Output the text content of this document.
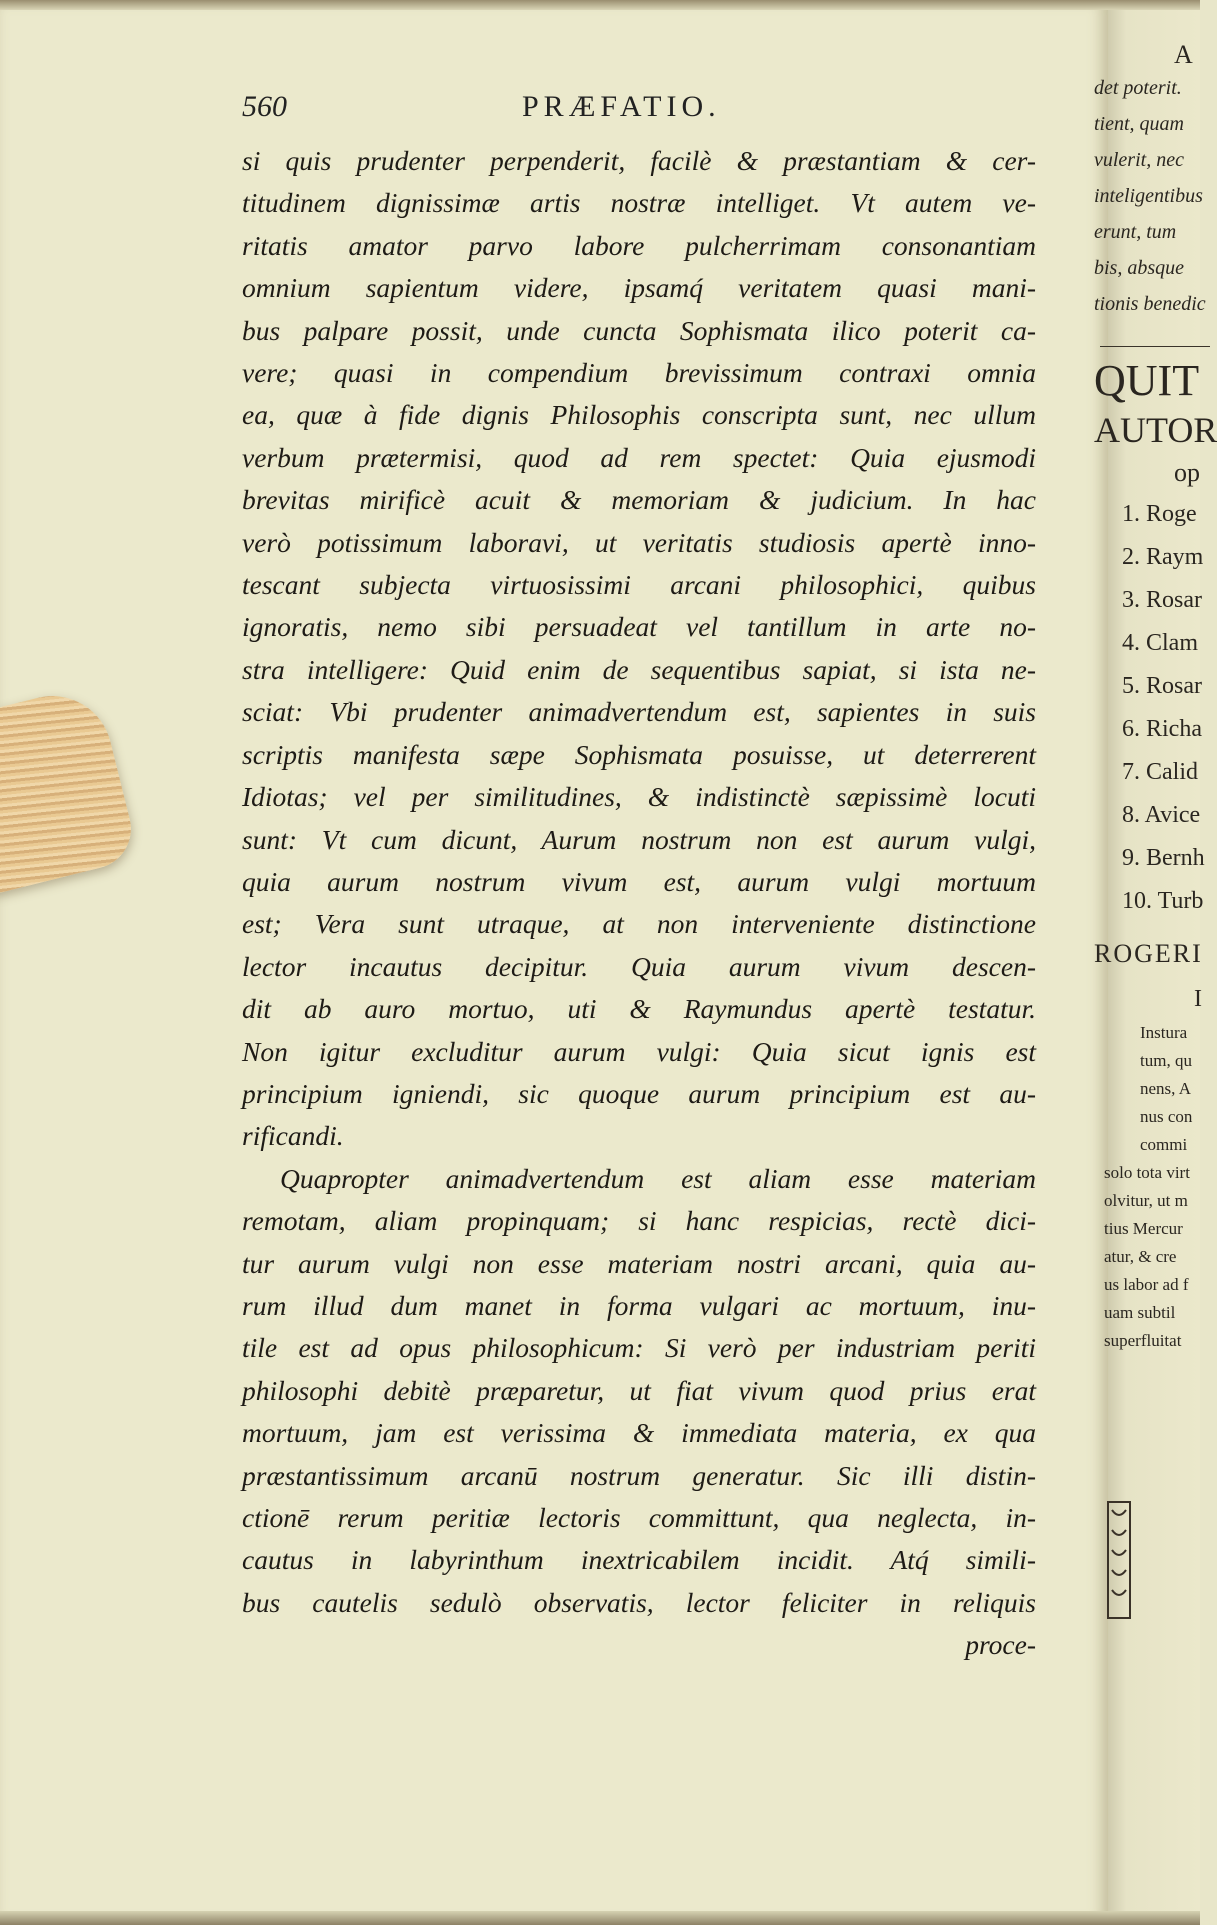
560	PRÆFATIO.
si quis prudenter perpenderit, facilè & præstantiam & cer-
titudinem dignissimæ artis nostræ intelliget. Vt autem ve-
ritatis amator parvo labore pulcherrimam consonantiam
omnium sapientum videre, ipsamq́ veritatem quasi mani-
bus palpare possit, unde cuncta Sophismata ilico poterit ca-
vere; quasi in compendium brevissimum contraxi omnia
ea, quæ à fide dignis Philosophis conscripta sunt, nec ullum
verbum prætermisi, quod ad rem spectet: Quia ejusmodi
brevitas mirificè acuit & memoriam & judicium. In hac
verò potissimum laboravi, ut veritatis studiosis apertè inno-
tescant subjecta virtuosissimi arcani philosophici, quibus
ignoratis, nemo sibi persuadeat vel tantillum in arte no-
stra intelligere: Quid enim de sequentibus sapiat, si ista ne-
sciat: Vbi prudenter animadvertendum est, sapientes in suis
scriptis manifesta sæpe Sophismata posuisse, ut deterrerent
Idiotas; vel per similitudines, & indistinctè sæpissimè locuti
sunt: Vt cum dicunt, Aurum nostrum non est aurum vulgi,
quia aurum nostrum vivum est, aurum vulgi mortuum
est; Vera sunt utraque, at non interveniente distinctione
lector incautus decipitur. Quia aurum vivum descen-
dit ab auro mortuo, uti & Raymundus apertè testatur.
Non igitur excluditur aurum vulgi: Quia sicut ignis est
principium igniendi, sic quoque aurum principium est au-
rificandi.
Quapropter animadvertendum est aliam esse materiam
remotam, aliam propinquam; si hanc respicias, rectè dici-
tur aurum vulgi non esse materiam nostri arcani, quia au-
rum illud dum manet in forma vulgari ac mortuum, inu-
tile est ad opus philosophicum: Si verò per industriam periti
philosophi debitè præparetur, ut fiat vivum quod prius erat
mortuum, jam est verissima & immediata materia, ex qua
præstantissimum arcanū nostrum generatur. Sic illi distin-
ctionē rerum peritiæ lectoris committunt, qua neglecta, in-
cautus in labyrinthum inextricabilem incidit. Atq́ simili-
bus cautelis sedulò observatis, lector feliciter in reliquis
proce-
A
det poterit.
tient, quam
vulerit, nec
inteligentibus
erunt, tum
bis, absque
tionis benedic
QUIT
AUTOR
op
1. Roge
2. Raym
3. Rosar
4. Clam
5. Rosar
6. Richa
7. Calid
8. Avice
9. Bernh
10. Turb
ROGERI
I
Instura
tum, qu
nens, A
nus con
commi
solo tota virt
olvitur, ut m
tius Mercur
atur, & cre
us labor ad f
uam subtil
superfluitat
